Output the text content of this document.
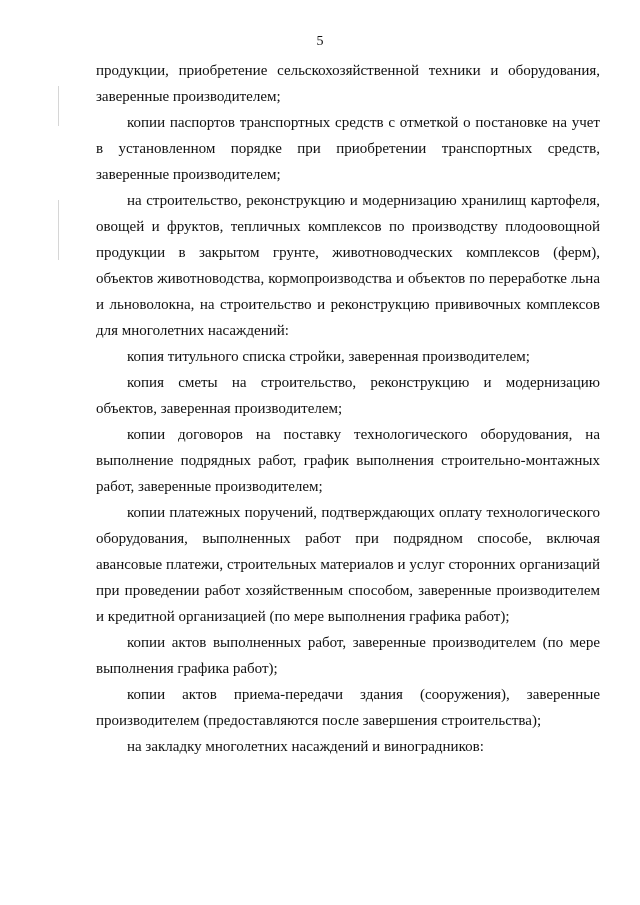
5

продукции, приобретение сельскохозяйственной техники и оборудования, заверенные производителем;

копии паспортов транспортных средств с отметкой о постановке на учет в установленном порядке при приобретении транспортных средств, заверенные производителем;

на строительство, реконструкцию и модернизацию хранилищ картофеля, овощей и фруктов, тепличных комплексов по производству плодоовощной продукции в закрытом грунте, животноводческих комплексов (ферм), объектов животноводства, кормопроизводства и объектов по переработке льна и льноволокна, на строительство и реконструкцию прививочных комплексов для многолетних насаждений:

копия титульного списка стройки, заверенная производителем;

копия сметы на строительство, реконструкцию и модернизацию объектов, заверенная производителем;

копии договоров на поставку технологического оборудования, на выполнение подрядных работ, график выполнения строительно-монтажных работ, заверенные производителем;

копии платежных поручений, подтверждающих оплату технологического оборудования, выполненных работ при подрядном способе, включая авансовые платежи, строительных материалов и услуг сторонних организаций при проведении работ хозяйственным способом, заверенные производителем и кредитной организацией (по мере выполнения графика работ);

копии актов выполненных работ, заверенные производителем (по мере выполнения графика работ);

копии актов приема-передачи здания (сооружения), заверенные производителем (предоставляются после завершения строительства);

на закладку многолетних насаждений и виноградников:
